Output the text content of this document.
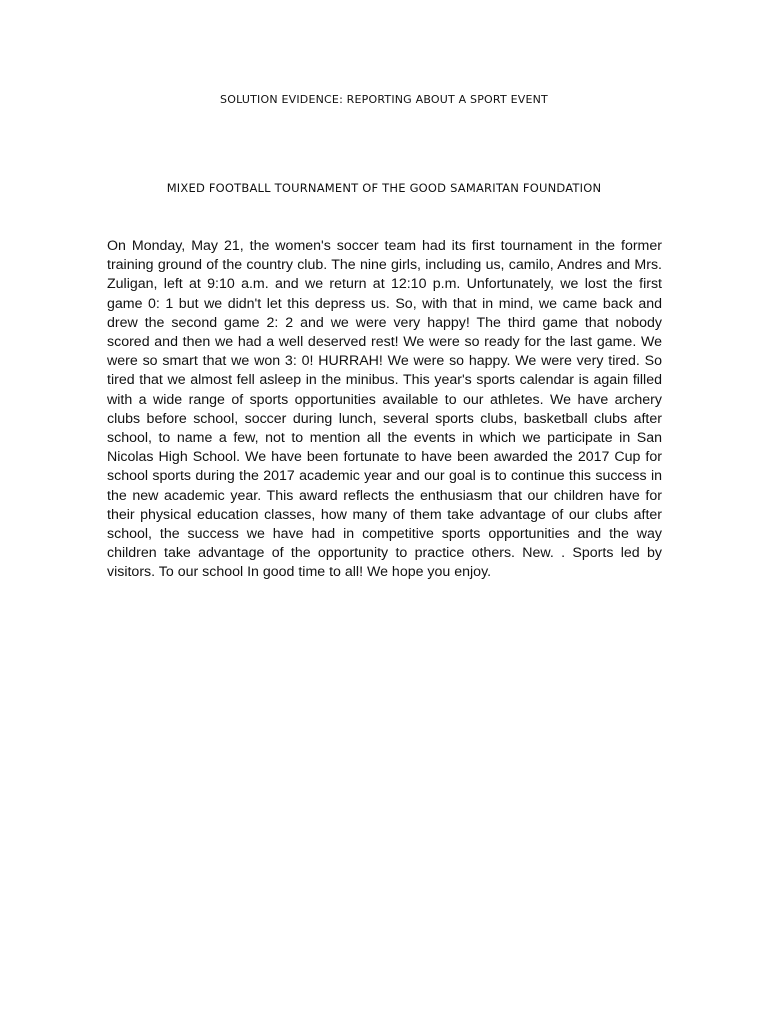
SOLUTION EVIDENCE: REPORTING ABOUT A SPORT EVENT
MIXED FOOTBALL TOURNAMENT OF THE GOOD SAMARITAN FOUNDATION

On Monday, May 21, the women's soccer team had its first tournament in the former training ground of the country club. The nine girls, including us, camilo, Andres and Mrs. Zuligan, left at 9:10 a.m. and we return at 12:10 p.m. Unfortunately, we lost the first game 0: 1 but we didn't let this depress us. So, with that in mind, we came back and drew the second game 2: 2 and we were very happy! The third game that nobody scored and then we had a well deserved rest! We were so ready for the last game. We were so smart that we won 3: 0! HURRAH! We were so happy. We were very tired. So tired that we almost fell asleep in the minibus. This year's sports calendar is again filled with a wide range of sports opportunities available to our athletes. We have archery clubs before school, soccer during lunch, several sports clubs, basketball clubs after school, to name a few, not to mention all the events in which we participate in San Nicolas High School. We have been fortunate to have been awarded the 2017 Cup for school sports during the 2017 academic year and our goal is to continue this success in the new academic year. This award reflects the enthusiasm that our children have for their physical education classes, how many of them take advantage of our clubs after school, the success we have had in competitive sports opportunities and the way children take advantage of the opportunity to practice others. New. . Sports led by visitors. To our school In good time to all! We hope you enjoy.
